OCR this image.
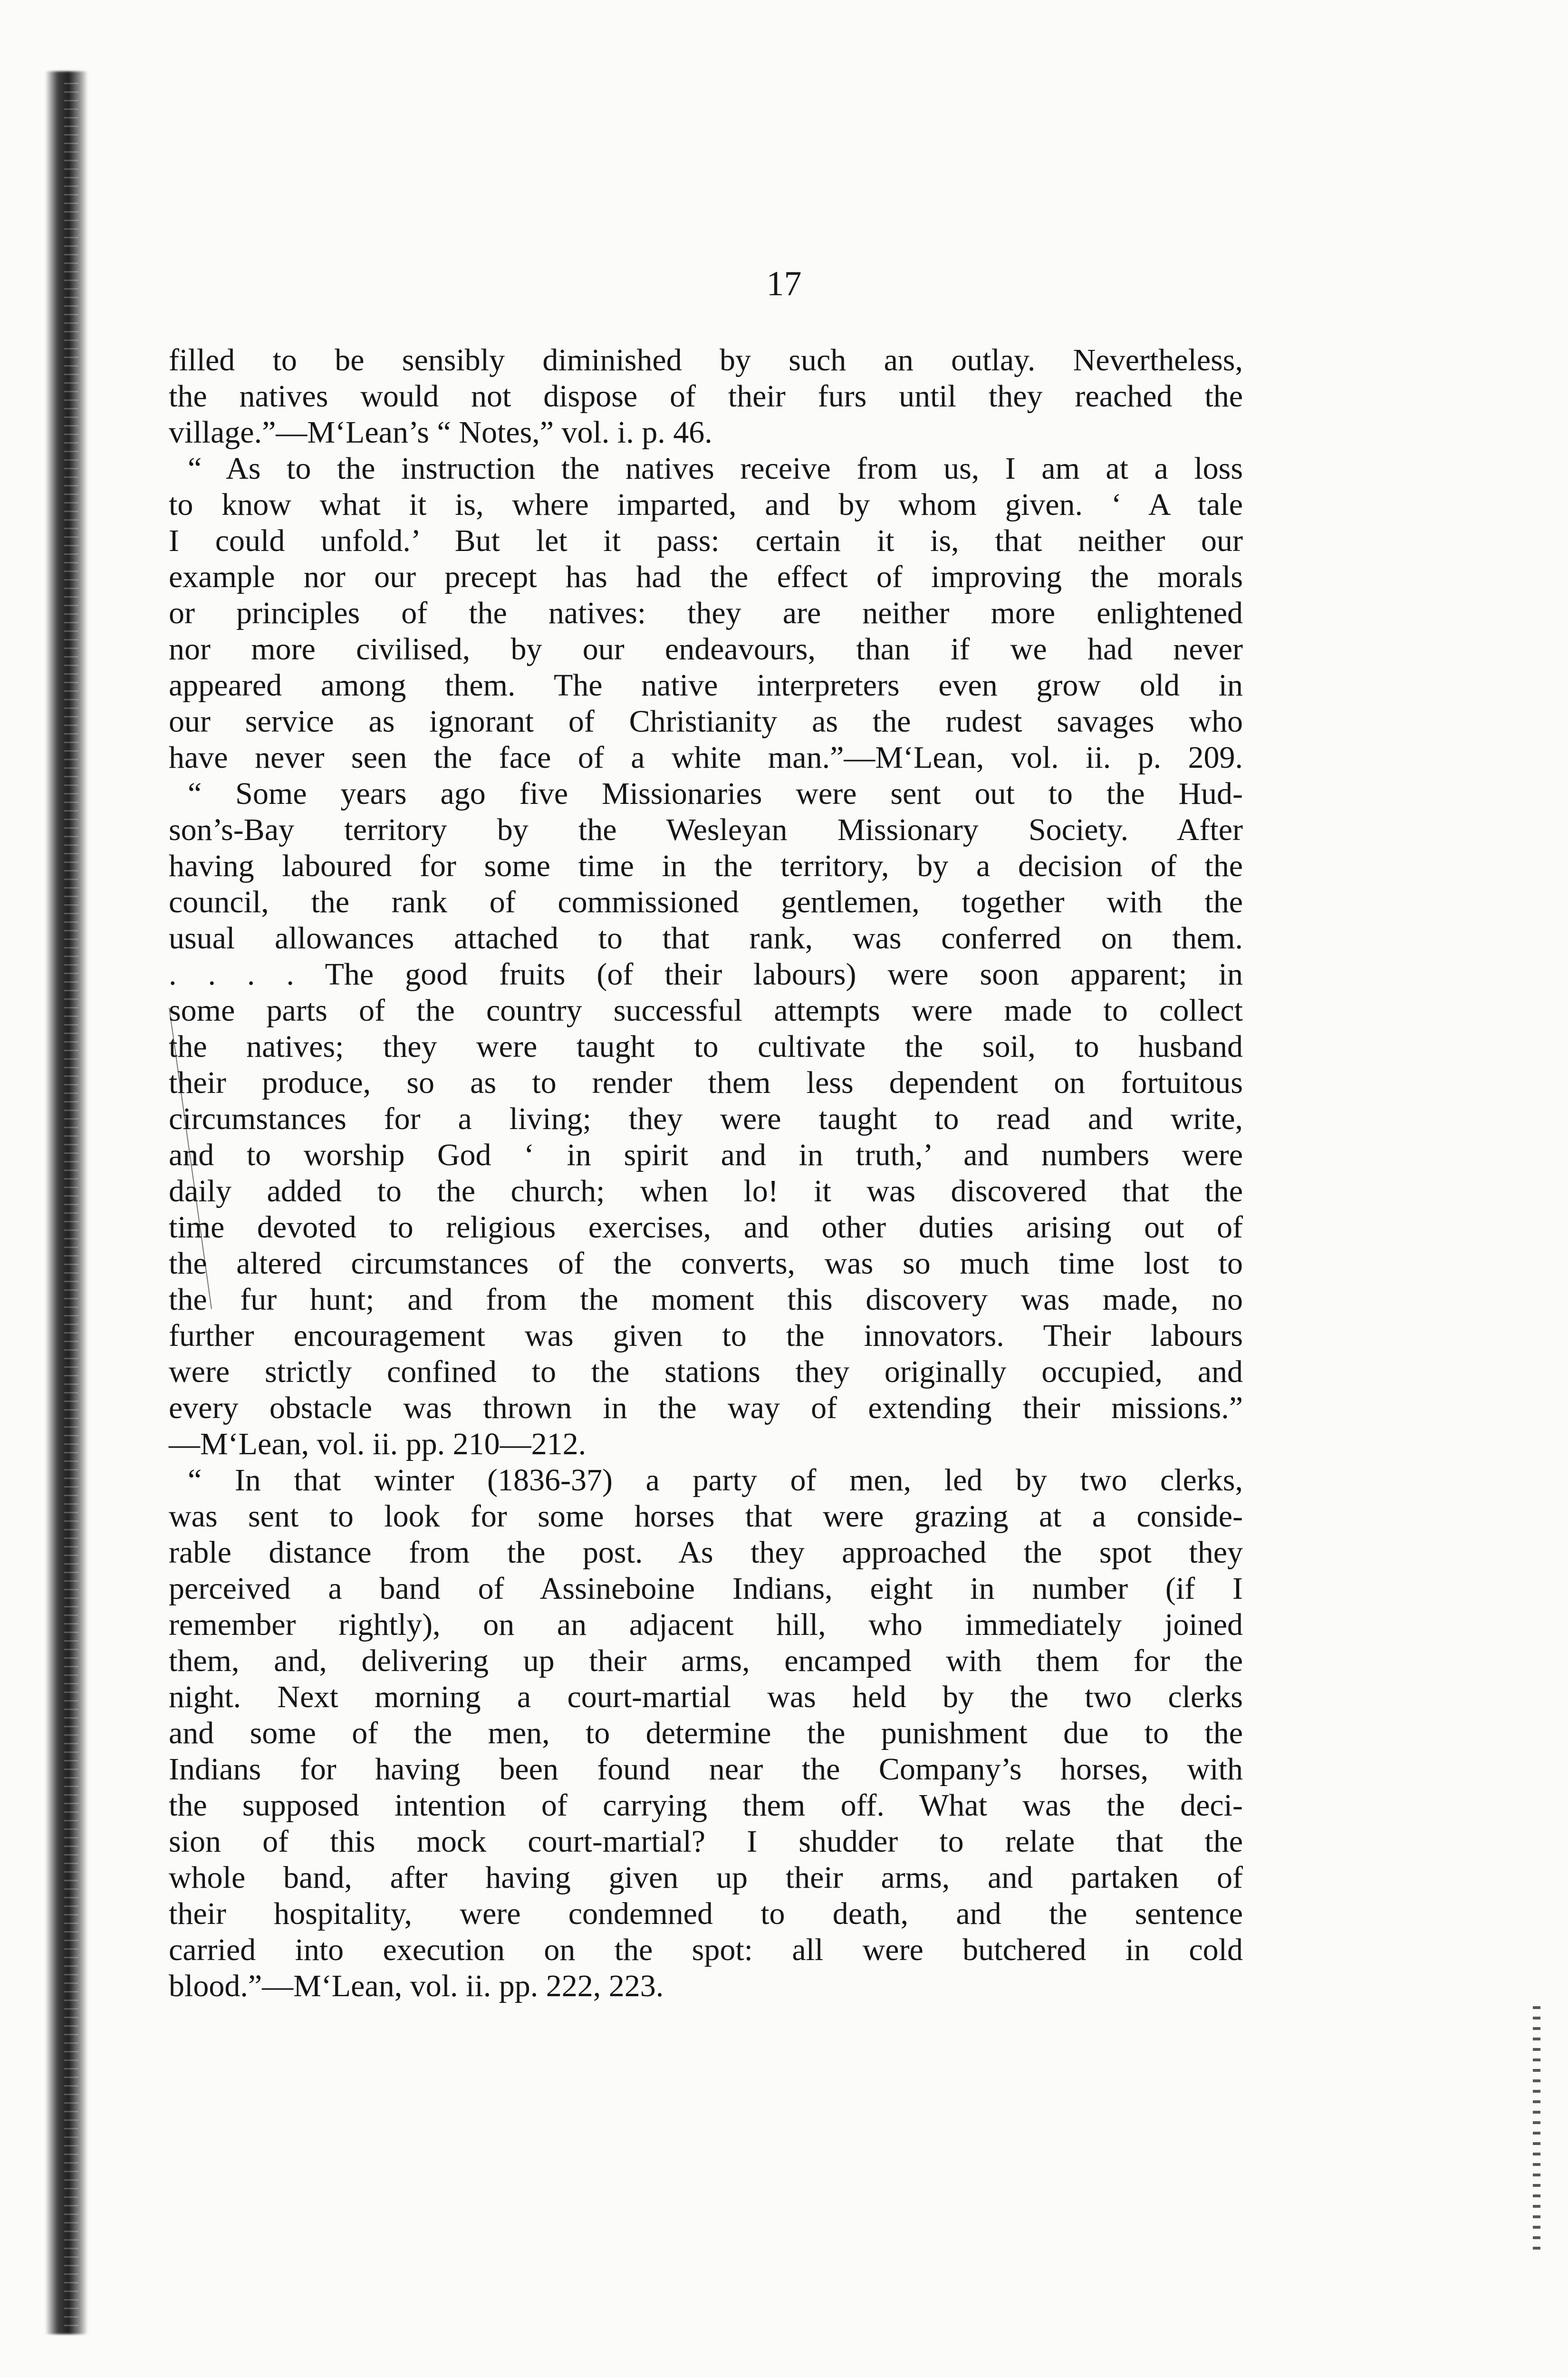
17

filled to be sensibly diminished by such an outlay. Nevertheless,
the natives would not dispose of their furs until they reached the
village.”—M‘Lean’s “ Notes,” vol. i. p. 46.
“ As to the instruction the natives receive from us, I am at a loss
to know what it is, where imparted, and by whom given. ‘ A tale
I could unfold.’ But let it pass: certain it is, that neither our
example nor our precept has had the effect of improving the morals
or principles of the natives: they are neither more enlightened
nor more civilised, by our endeavours, than if we had never
appeared among them. The native interpreters even grow old in
our service as ignorant of Christianity as the rudest savages who
have never seen the face of a white man.”—M‘Lean, vol. ii. p. 209.
“ Some years ago five Missionaries were sent out to the Hud-
son’s-Bay territory by the Wesleyan Missionary Society. After
having laboured for some time in the territory, by a decision of the
council, the rank of commissioned gentlemen, together with the
usual allowances attached to that rank, was conferred on them.
. . . . The good fruits (of their labours) were soon apparent; in
some parts of the country successful attempts were made to collect
the natives; they were taught to cultivate the soil, to husband
their produce, so as to render them less dependent on fortuitous
circumstances for a living; they were taught to read and write,
and to worship God ‘ in spirit and in truth,’ and numbers were
daily added to the church; when lo! it was discovered that the
time devoted to religious exercises, and other duties arising out of
the altered circumstances of the converts, was so much time lost to
the fur hunt; and from the moment this discovery was made, no
further encouragement was given to the innovators. Their labours
were strictly confined to the stations they originally occupied, and
every obstacle was thrown in the way of extending their missions.”
—M‘Lean, vol. ii. pp. 210—212.
“ In that winter (1836-37) a party of men, led by two clerks,
was sent to look for some horses that were grazing at a conside-
rable distance from the post. As they approached the spot they
perceived a band of Assineboine Indians, eight in number (if I
remember rightly), on an adjacent hill, who immediately joined
them, and, delivering up their arms, encamped with them for the
night. Next morning a court-martial was held by the two clerks
and some of the men, to determine the punishment due to the
Indians for having been found near the Company’s horses, with
the supposed intention of carrying them off. What was the deci-
sion of this mock court-martial? I shudder to relate that the
whole band, after having given up their arms, and partaken of
their hospitality, were condemned to death, and the sentence
carried into execution on the spot: all were butchered in cold
blood.”—M‘Lean, vol. ii. pp. 222, 223.
